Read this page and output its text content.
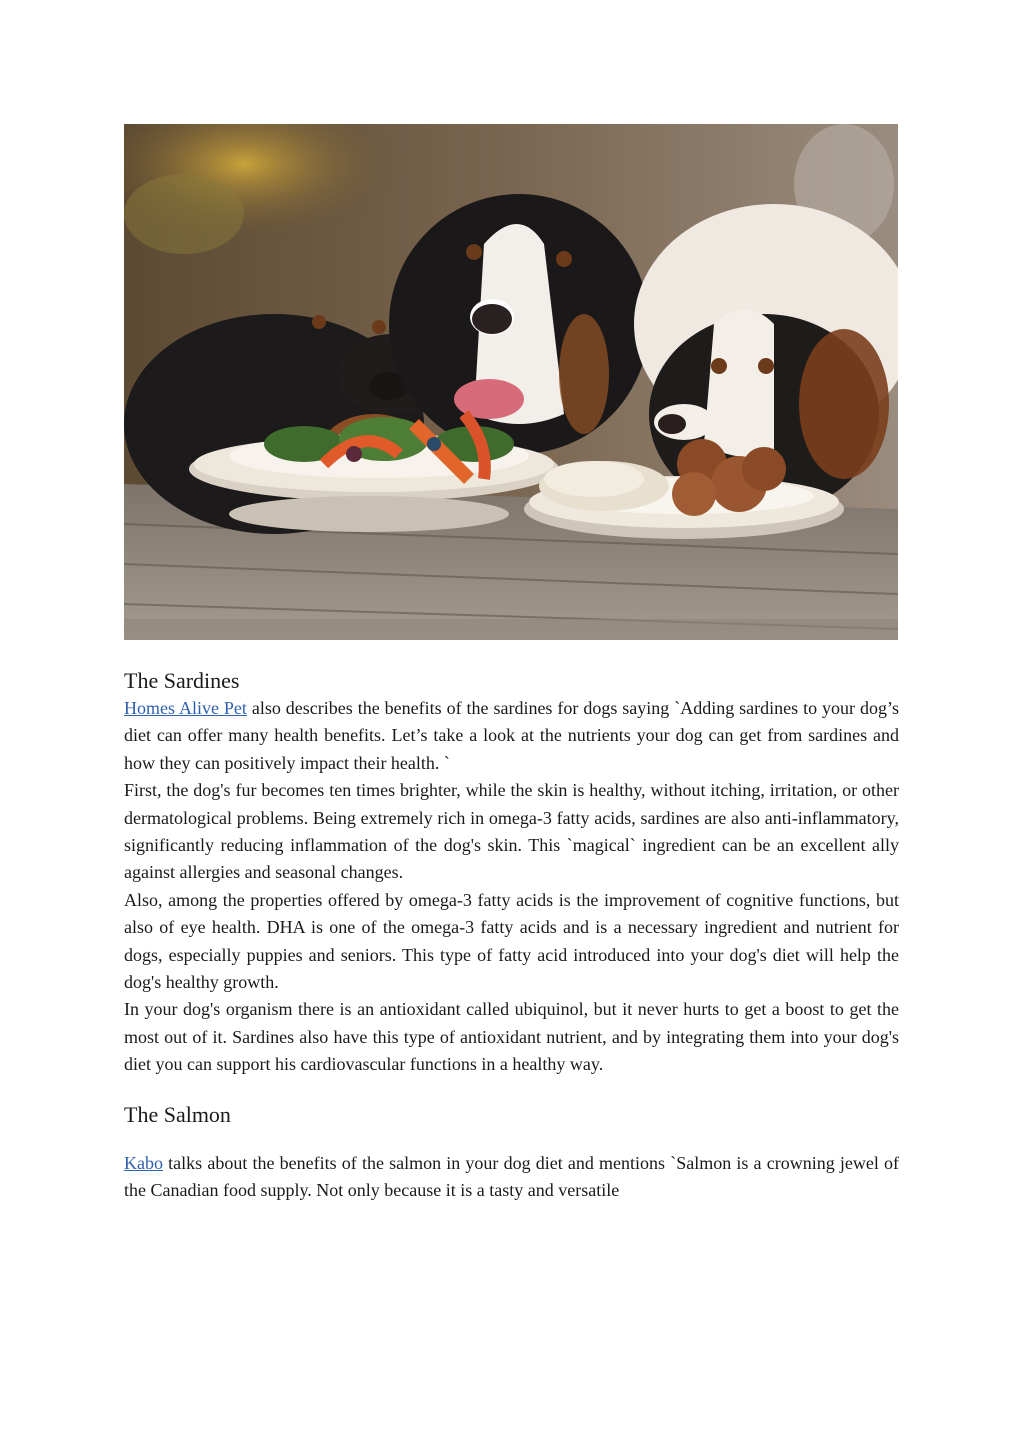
The Sardines

Homes Alive Pet also describes the benefits of the sardines for dogs saying `Adding sardines to your dog’s diet can offer many health benefits. Let’s take a look at the nutrients your dog can get from sardines and how they can positively impact their health. `

First, the dog's fur becomes ten times brighter, while the skin is healthy, without itching, irritation, or other dermatological problems. Being extremely rich in omega-3 fatty acids, sardines are also anti-inflammatory, significantly reducing inflammation of the dog's skin. This `magical` ingredient can be an excellent ally against allergies and seasonal changes.

Also, among the properties offered by omega-3 fatty acids is the improvement of cognitive functions, but also of eye health. DHA is one of the omega-3 fatty acids and is a necessary ingredient and nutrient for dogs, especially puppies and seniors. This type of fatty acid introduced into your dog's diet will help the dog's healthy growth.

In your dog's organism there is an antioxidant called ubiquinol, but it never hurts to get a boost to get the most out of it. Sardines also have this type of antioxidant nutrient, and by integrating them into your dog's diet you can support his cardiovascular functions in a healthy way.

The Salmon

Kabo talks about the benefits of the salmon in your dog diet and mentions `Salmon is a crowning jewel of the Canadian food supply. Not only because it is a tasty and versatile
